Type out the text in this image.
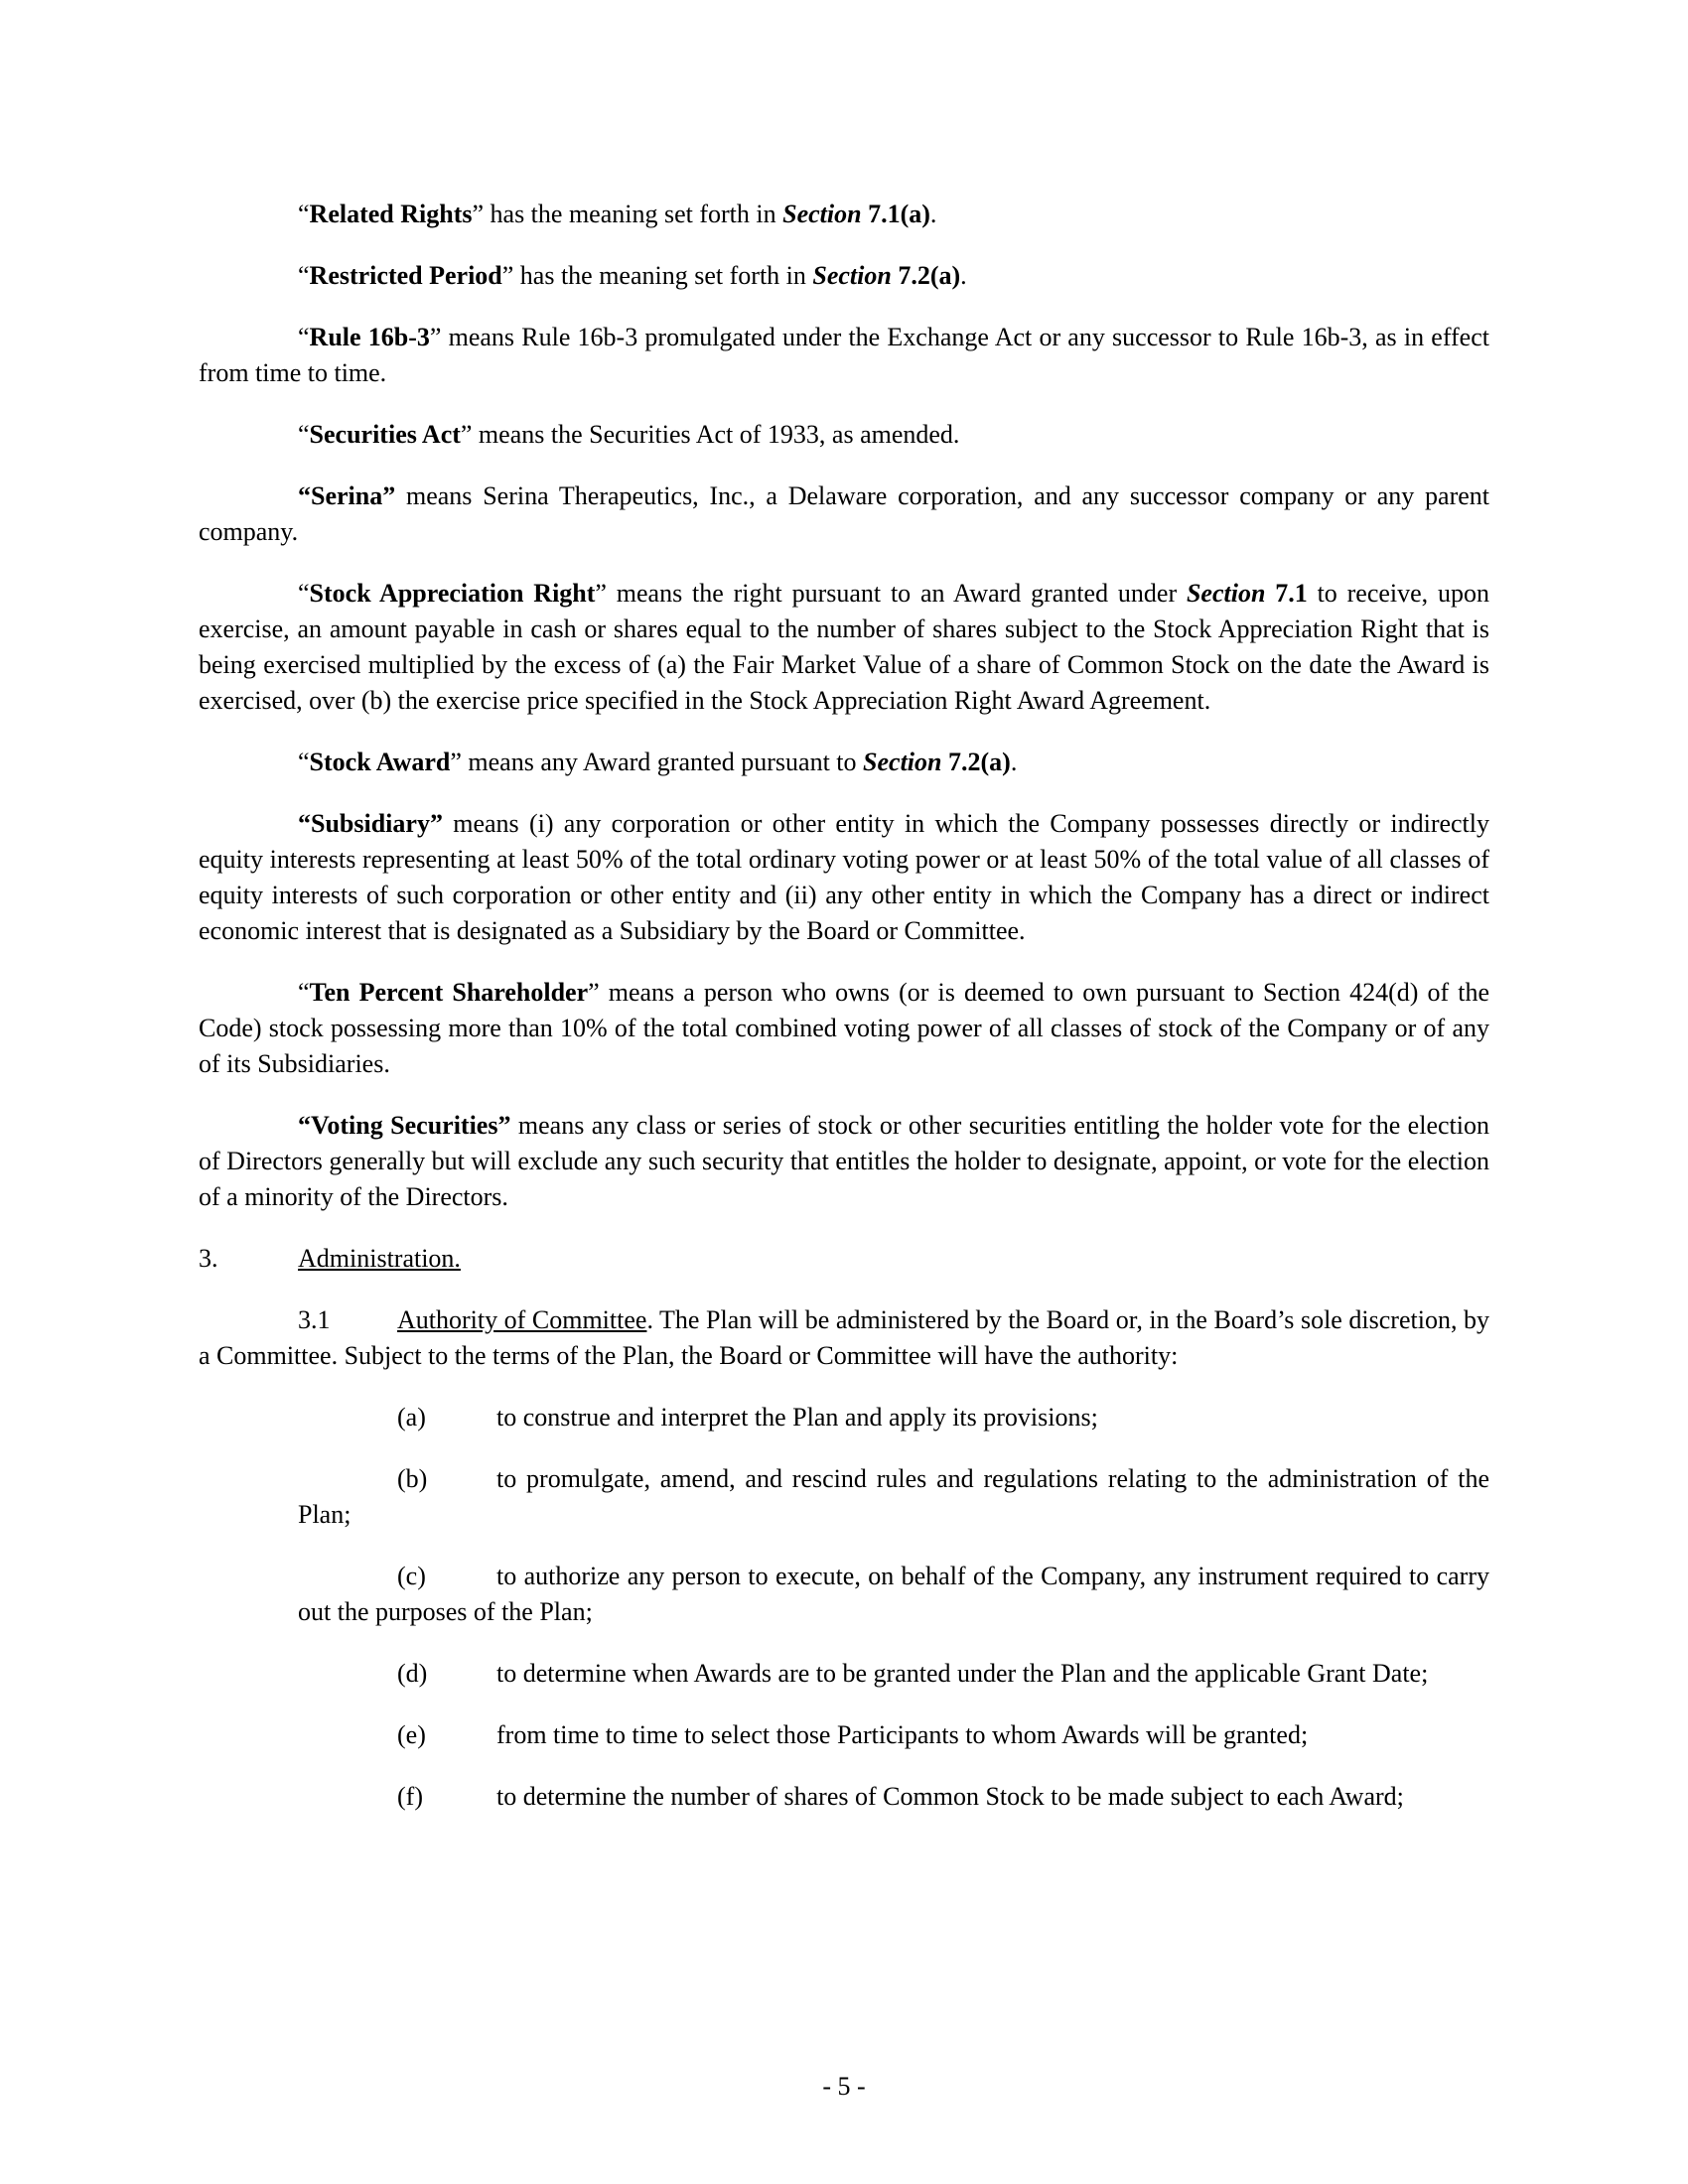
“Related Rights” has the meaning set forth in Section 7.1(a).
“Restricted Period” has the meaning set forth in Section 7.2(a).
“Rule 16b-3” means Rule 16b-3 promulgated under the Exchange Act or any successor to Rule 16b-3, as in effect from time to time.
“Securities Act” means the Securities Act of 1933, as amended.
“Serina” means Serina Therapeutics, Inc., a Delaware corporation, and any successor company or any parent company.
“Stock Appreciation Right” means the right pursuant to an Award granted under Section 7.1 to receive, upon exercise, an amount payable in cash or shares equal to the number of shares subject to the Stock Appreciation Right that is being exercised multiplied by the excess of (a) the Fair Market Value of a share of Common Stock on the date the Award is exercised, over (b) the exercise price specified in the Stock Appreciation Right Award Agreement.
“Stock Award” means any Award granted pursuant to Section 7.2(a).
“Subsidiary” means (i) any corporation or other entity in which the Company possesses directly or indirectly equity interests representing at least 50% of the total ordinary voting power or at least 50% of the total value of all classes of equity interests of such corporation or other entity and (ii) any other entity in which the Company has a direct or indirect economic interest that is designated as a Subsidiary by the Board or Committee.
“Ten Percent Shareholder” means a person who owns (or is deemed to own pursuant to Section 424(d) of the Code) stock possessing more than 10% of the total combined voting power of all classes of stock of the Company or of any of its Subsidiaries.
“Voting Securities” means any class or series of stock or other securities entitling the holder vote for the election of Directors generally but will exclude any such security that entitles the holder to designate, appoint, or vote for the election of a minority of the Directors.
3.	Administration.
3.1	Authority of Committee. The Plan will be administered by the Board or, in the Board’s sole discretion, by a Committee. Subject to the terms of the Plan, the Board or Committee will have the authority:
(a)	to construe and interpret the Plan and apply its provisions;
(b)	to promulgate, amend, and rescind rules and regulations relating to the administration of the Plan;
(c)	to authorize any person to execute, on behalf of the Company, any instrument required to carry out the purposes of the Plan;
(d)	to determine when Awards are to be granted under the Plan and the applicable Grant Date;
(e)	from time to time to select those Participants to whom Awards will be granted;
(f)	to determine the number of shares of Common Stock to be made subject to each Award;
- 5 -
